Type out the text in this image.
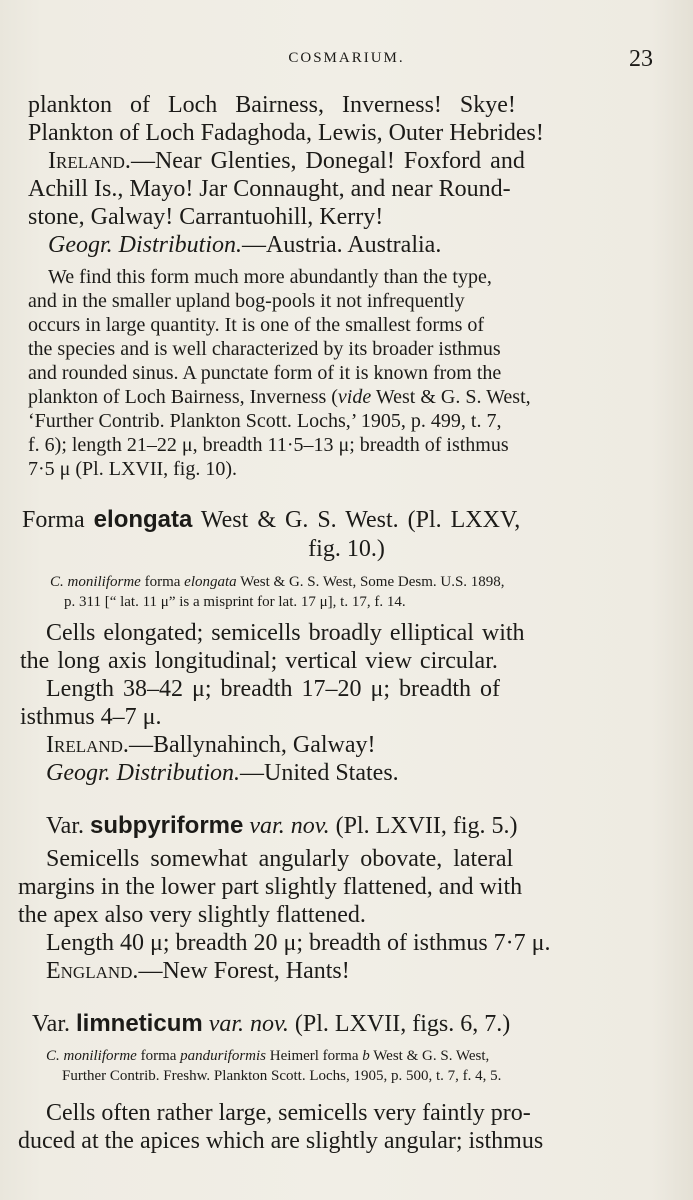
COSMARIUM.	23
plankton of Loch Bairness, Inverness! Skye!
Plankton of Loch Fadaghoda, Lewis, Outer Hebrides!
Ireland.—Near Glenties, Donegal! Foxford and
Achill Is., Mayo! Jar Connaught, and near Round-
stone, Galway! Carrantuohill, Kerry!
Geogr. Distribution.—Austria. Australia.
We find this form much more abundantly than the type,
and in the smaller upland bog-pools it not infrequently
occurs in large quantity. It is one of the smallest forms of
the species and is well characterized by its broader isthmus
and rounded sinus. A punctate form of it is known from the
plankton of Loch Bairness, Inverness (vide West & G. S. West,
‘Further Contrib. Plankton Scott. Lochs,’ 1905, p. 499, t. 7,
f. 6); length 21–22 μ, breadth 11·5–13 μ; breadth of isthmus
7·5 μ (Pl. LXVII, fig. 10).
Forma elongata West & G. S. West. (Pl. LXXV,
fig. 10.)
C. moniliforme forma elongata West & G. S. West, Some Desm. U.S. 1898,
p. 311 [“ lat. 11 μ” is a misprint for lat. 17 μ], t. 17, f. 14.
Cells elongated; semicells broadly elliptical with
the long axis longitudinal; vertical view circular.
Length 38–42 μ; breadth 17–20 μ; breadth of
isthmus 4–7 μ.
Ireland.—Ballynahinch, Galway!
Geogr. Distribution.—United States.
Var. subpyriforme var. nov. (Pl. LXVII, fig. 5.)
Semicells somewhat angularly obovate, lateral
margins in the lower part slightly flattened, and with
the apex also very slightly flattened.
Length 40 μ; breadth 20 μ; breadth of isthmus 7·7 μ.
England.—New Forest, Hants!
Var. limneticum var. nov. (Pl. LXVII, figs. 6, 7.)
C. moniliforme forma panduriformis Heimerl forma b West & G. S. West,
Further Contrib. Freshw. Plankton Scott. Lochs, 1905, p. 500, t. 7, f. 4, 5.
Cells often rather large, semicells very faintly pro-
duced at the apices which are slightly angular; isthmus
